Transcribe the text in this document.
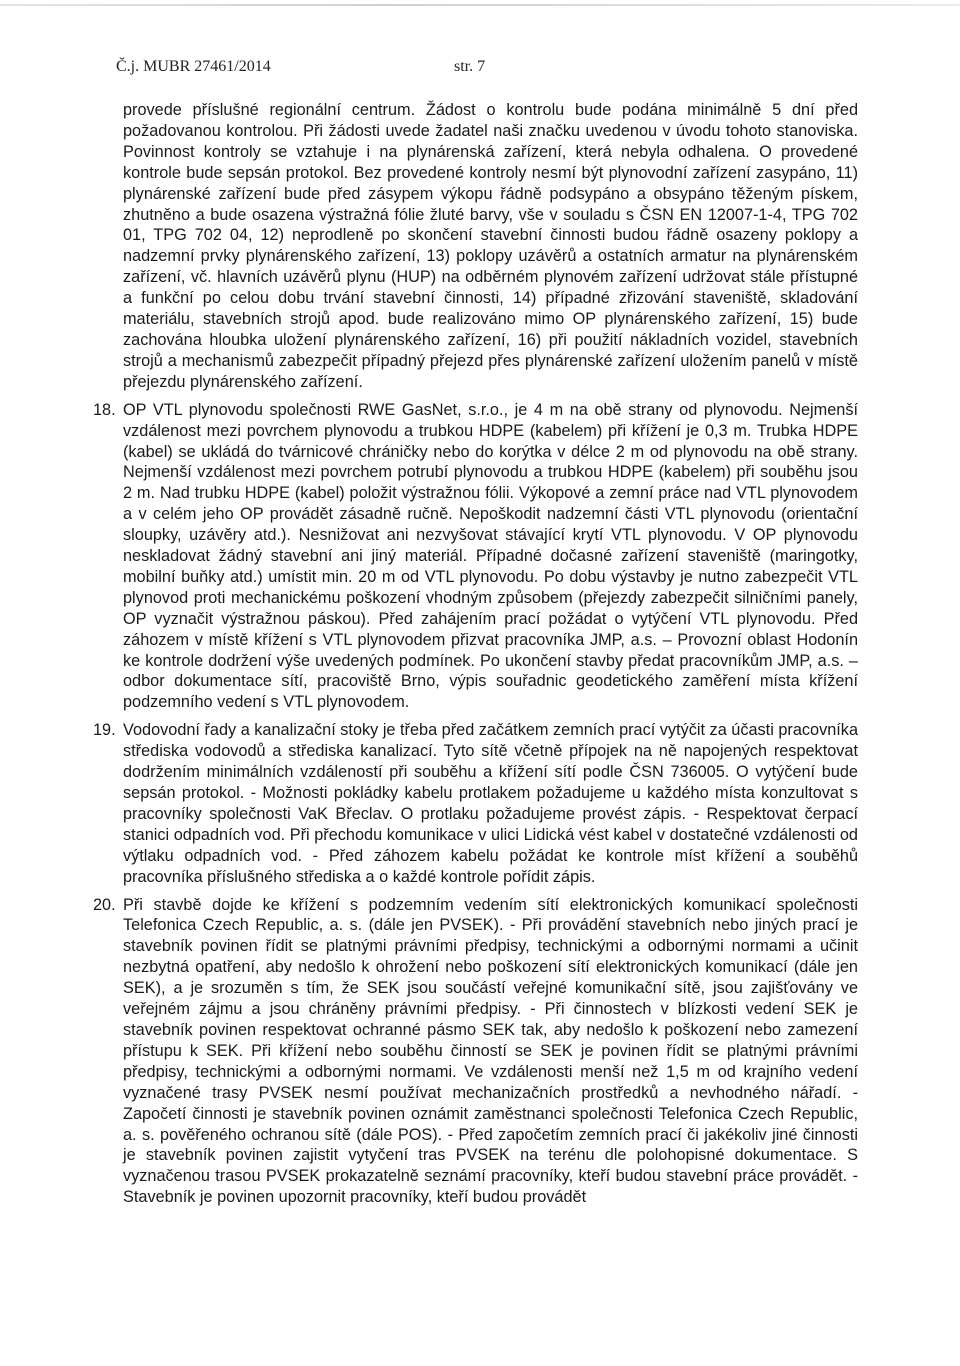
Č.j. MUBR 27461/2014	str. 7

provede příslušné regionální centrum. Žádost o kontrolu bude podána minimálně 5 dní před požadovanou kontrolou. Při žádosti uvede žadatel naši značku uvedenou v úvodu tohoto stanoviska. Povinnost kontroly se vztahuje i na plynárenská zařízení, která nebyla odhalena. O provedené kontrole bude sepsán protokol. Bez provedené kontroly nesmí být plynovodní zařízení zasypáno, 11) plynárenské zařízení bude před zásypem výkopu řádně podsypáno a obsypáno těženým pískem, zhutněno a bude osazena výstražná fólie žluté barvy, vše v souladu s ČSN EN 12007-1-4, TPG 702 01, TPG 702 04, 12) neprodleně po skončení stavební činnosti budou řádně osazeny poklopy a nadzemní prvky plynárenského zařízení, 13) poklopy uzávěrů a ostatních armatur na plynárenském zařízení, vč. hlavních uzávěrů plynu (HUP) na odběrném plynovém zařízení udržovat stále přístupné a funkční po celou dobu trvání stavební činnosti, 14) případné zřizování staveniště, skladování materiálu, stavebních strojů apod. bude realizováno mimo OP plynárenského zařízení, 15) bude zachována hloubka uložení plynárenského zařízení, 16) při použití nákladních vozidel, stavebních strojů a mechanismů zabezpečit případný přejezd přes plynárenské zařízení uložením panelů v místě přejezdu plynárenského zařízení.

18. OP VTL plynovodu společnosti RWE GasNet, s.r.o., je 4 m na obě strany od plynovodu. Nejmenší vzdálenost mezi povrchem plynovodu a trubkou HDPE (kabelem) při křížení je 0,3 m. Trubka HDPE (kabel) se ukládá do tvárnicové chráničky nebo do korýtka v délce 2 m od plynovodu na obě strany. Nejmenší vzdálenost mezi povrchem potrubí plynovodu a trubkou HDPE (kabelem) při souběhu jsou 2 m. Nad trubku HDPE (kabel) položit výstražnou fólii. Výkopové a zemní práce nad VTL plynovodem a v celém jeho OP provádět zásadně ručně. Nepoškodit nadzemní části VTL plynovodu (orientační sloupky, uzávěry atd.). Nesnižovat ani nezvyšovat stávající krytí VTL plynovodu. V OP plynovodu neskladovat žádný stavební ani jiný materiál. Případné dočasné zařízení staveniště (maringotky, mobilní buňky atd.) umístit min. 20 m od VTL plynovodu. Po dobu výstavby je nutno zabezpečit VTL plynovod proti mechanickému poškození vhodným způsobem (přejezdy zabezpečit silničními panely, OP vyznačit výstražnou páskou). Před zahájením prací požádat o vytýčení VTL plynovodu. Před záhozem v místě křížení s VTL plynovodem přizvat pracovníka JMP, a.s. – Provozní oblast Hodonín ke kontrole dodržení výše uvedených podmínek. Po ukončení stavby předat pracovníkům JMP, a.s. – odbor dokumentace sítí, pracoviště Brno, výpis souřadnic geodetického zaměření místa křížení podzemního vedení s VTL plynovodem.

19. Vodovodní řady a kanalizační stoky je třeba před začátkem zemních prací vytýčit za účasti pracovníka střediska vodovodů a střediska kanalizací. Tyto sítě včetně přípojek na ně napojených respektovat dodržením minimálních vzdáleností při souběhu a křížení sítí podle ČSN 736005. O vytýčení bude sepsán protokol. - Možnosti pokládky kabelu protlakem požadujeme u každého místa konzultovat s pracovníky společnosti VaK Břeclav. O protlaku požadujeme provést zápis. - Respektovat čerpací stanici odpadních vod. Při přechodu komunikace v ulici Lidická vést kabel v dostatečné vzdálenosti od výtlaku odpadních vod. - Před záhozem kabelu požádat ke kontrole míst křížení a souběhů pracovníka příslušného střediska a o každé kontrole pořídit zápis.

20. Při stavbě dojde ke křížení s podzemním vedením sítí elektronických komunikací společnosti Telefonica Czech Republic, a. s. (dále jen PVSEK). - Při provádění stavebních nebo jiných prací je stavebník povinen řídit se platnými právními předpisy, technickými a odbornými normami a učinit nezbytná opatření, aby nedošlo k ohrožení nebo poškození sítí elektronických komunikací (dále jen SEK), a je srozuměn s tím, že SEK jsou součástí veřejné komunikační sítě, jsou zajišťovány ve veřejném zájmu a jsou chráněny právními předpisy. - Při činnostech v blízkosti vedení SEK je stavebník povinen respektovat ochranné pásmo SEK tak, aby nedošlo k poškození nebo zamezení přístupu k SEK. Při křížení nebo souběhu činností se SEK je povinen řídit se platnými právními předpisy, technickými a odbornými normami. Ve vzdálenosti menší než 1,5 m od krajního vedení vyznačené trasy PVSEK nesmí používat mechanizačních prostředků a nevhodného nářadí. - Započetí činnosti je stavebník povinen oznámit zaměstnanci společnosti Telefonica Czech Republic, a. s. pověřeného ochranou sítě (dále POS). - Před započetím zemních prací či jakékoliv jiné činnosti je stavebník povinen zajistit vytyčení tras PVSEK na terénu dle polohopisné dokumentace. S vyznačenou trasou PVSEK prokazatelně seznámí pracovníky, kteří budou stavební práce provádět. - Stavebník je povinen upozornit pracovníky, kteří budou provádět
